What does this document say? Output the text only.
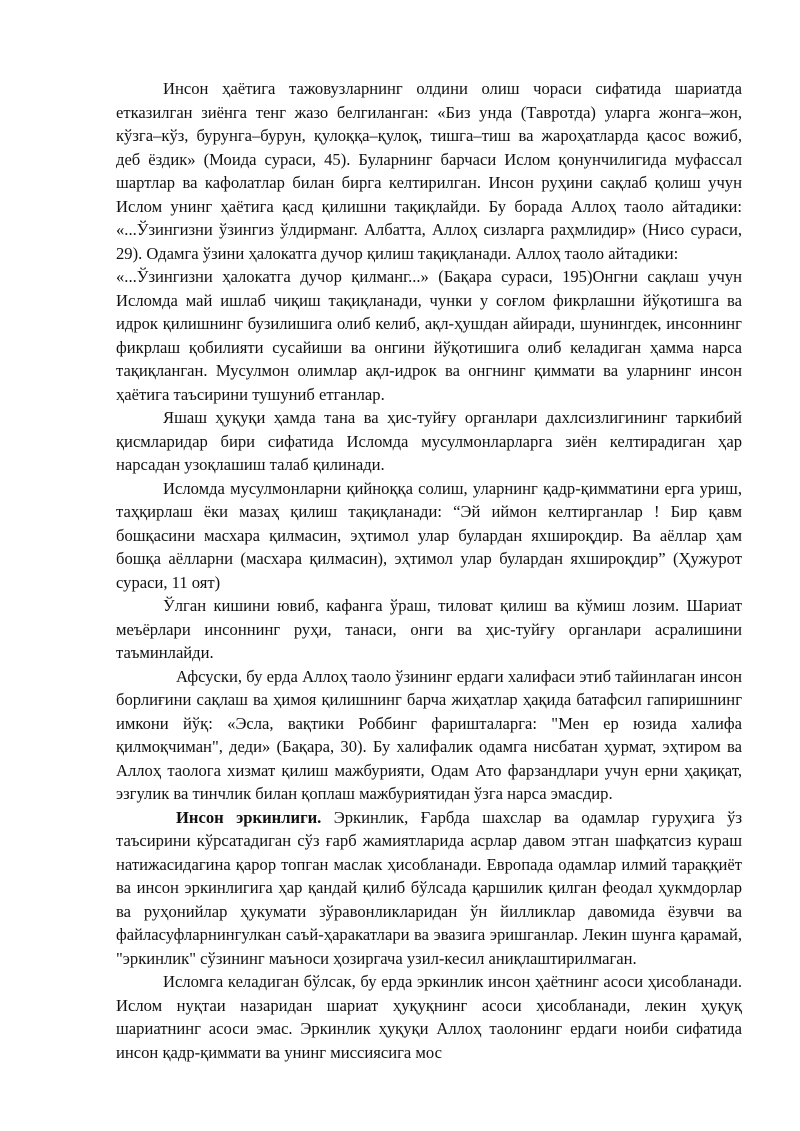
Инсон ҳаётига тажовузларнинг олдини олиш чораси сифатида шариатда етказилган зиёнга тенг жазо белгиланган: «Биз унда (Тавротда) уларга жонга–жон, кўзга–кўз, бурунга–бурун, қулоққа–қулоқ, тишга–тиш ва жароҳатларда қасос вожиб, деб ёздик» (Моида сураси, 45). Буларнинг барчаси Ислом қонунчилигида муфассал шартлар ва кафолатлар билан бирга келтирилган. Инсон руҳини сақлаб қолиш учун Ислом унинг ҳаётига қасд қилишни тақиқлайди. Бу борада Аллоҳ таоло айтадики: «...Ўзингизни ўзингиз ўлдирманг. Албатта, Аллоҳ сизларга раҳмлидир» (Нисо сураси, 29). Одамга ўзини ҳалокатга дучор қилиш тақиқланади. Аллоҳ таоло айтадики:

«...Ўзингизни ҳалокатга дучор қилманг...» (Бақара сураси, 195)Онгни сақлаш учун Исломда май ишлаб чиқиш тақиқланади, чунки у соғлом фикрлашни йўқотишга ва идрок қилишнинг бузилишига олиб келиб, ақл-ҳушдан айиради, шунингдек, инсоннинг фикрлаш қобилияти сусайиши ва онгини йўқотишига олиб келадиган ҳамма нарса тақиқланган. Мусулмон олимлар ақл-идрок ва онгнинг қиммати ва уларнинг инсон ҳаётига таъсирини тушуниб етганлар.

Яшаш ҳуқуқи ҳамда тана ва ҳис-туйғу органлари дахлсизлигининг таркибий қисмларидар бири сифатида Исломда мусулмонларларга зиён келтирадиган ҳар нарсадан узоқлашиш талаб қилинади.

Исломда мусулмонларни қийноққа солиш, уларнинг қадр-қимматини ерга уриш, таҳқирлаш ёки мазаҳ қилиш тақиқланади: “Эй иймон келтирганлар ! Бир қавм бошқасини масхара қилмасин, эҳтимол улар булардан яхшироқдир. Ва аёллар ҳам бошқа аёлларни (масхара қилмасин), эҳтимол улар булардан яхшироқдир” (Ҳужурот сураси, 11 оят)

Ўлган кишини ювиб, кафанга ўраш, тиловат қилиш ва кўмиш лозим. Шариат меъёрлари инсоннинг руҳи, танаси, онги ва ҳис-туйғу органлари асралишини таъминлайди.

Афсуски, бу ерда Аллоҳ таоло ўзининг ердаги халифаси этиб тайинлаган инсон борлиғини сақлаш ва ҳимоя қилишнинг барча жиҳатлар ҳақида батафсил гапиришнинг имкони йўқ: «Эсла, вақтики Роббинг фаришталарга: "Мен ер юзида халифа қилмоқчиман", деди» (Бақара, 30). Бу халифалик одамга нисбатан ҳурмат, эҳтиром ва Аллоҳ таолога хизмат қилиш мажбурияти, Одам Ато фарзандлари учун ерни ҳақиқат, эзгулик ва тинчлик билан қоплаш мажбуриятидан ўзга нарса эмасдир.

Инсон эркинлиги. Эркинлик, Ғарбда шахслар ва одамлар гуруҳига ўз таъсирини кўрсатадиган сўз ғарб жамиятларида асрлар давом этган шафқатсиз кураш натижасидагина қарор топган маслак ҳисобланади. Европада одамлар илмий тараққиёт ва инсон эркинлигига ҳар қандай қилиб бўлсада қаршилик қилган феодал ҳукмдорлар ва руҳонийлар ҳукумати зўравонликларидан ўн йилликлар давомида ёзувчи ва файласуфларнингулкан саъй-ҳаракатлари ва эвазига эришганлар. Лекин шунга қарамай, "эркинлик" сўзининг маъноси ҳозиргача узил-кесил аниқлаштирилмаган.

Исломга келадиган бўлсак, бу ерда эркинлик инсон ҳаётнинг асоси ҳисобланади. Ислом нуқтаи назаридан шариат ҳуқуқнинг асоси ҳисобланади, лекин ҳуқуқ шариатнинг асоси эмас. Эркинлик ҳуқуқи Аллоҳ таолонинг ердаги ноиби сифатида инсон қадр-қиммати ва унинг миссиясига мос
